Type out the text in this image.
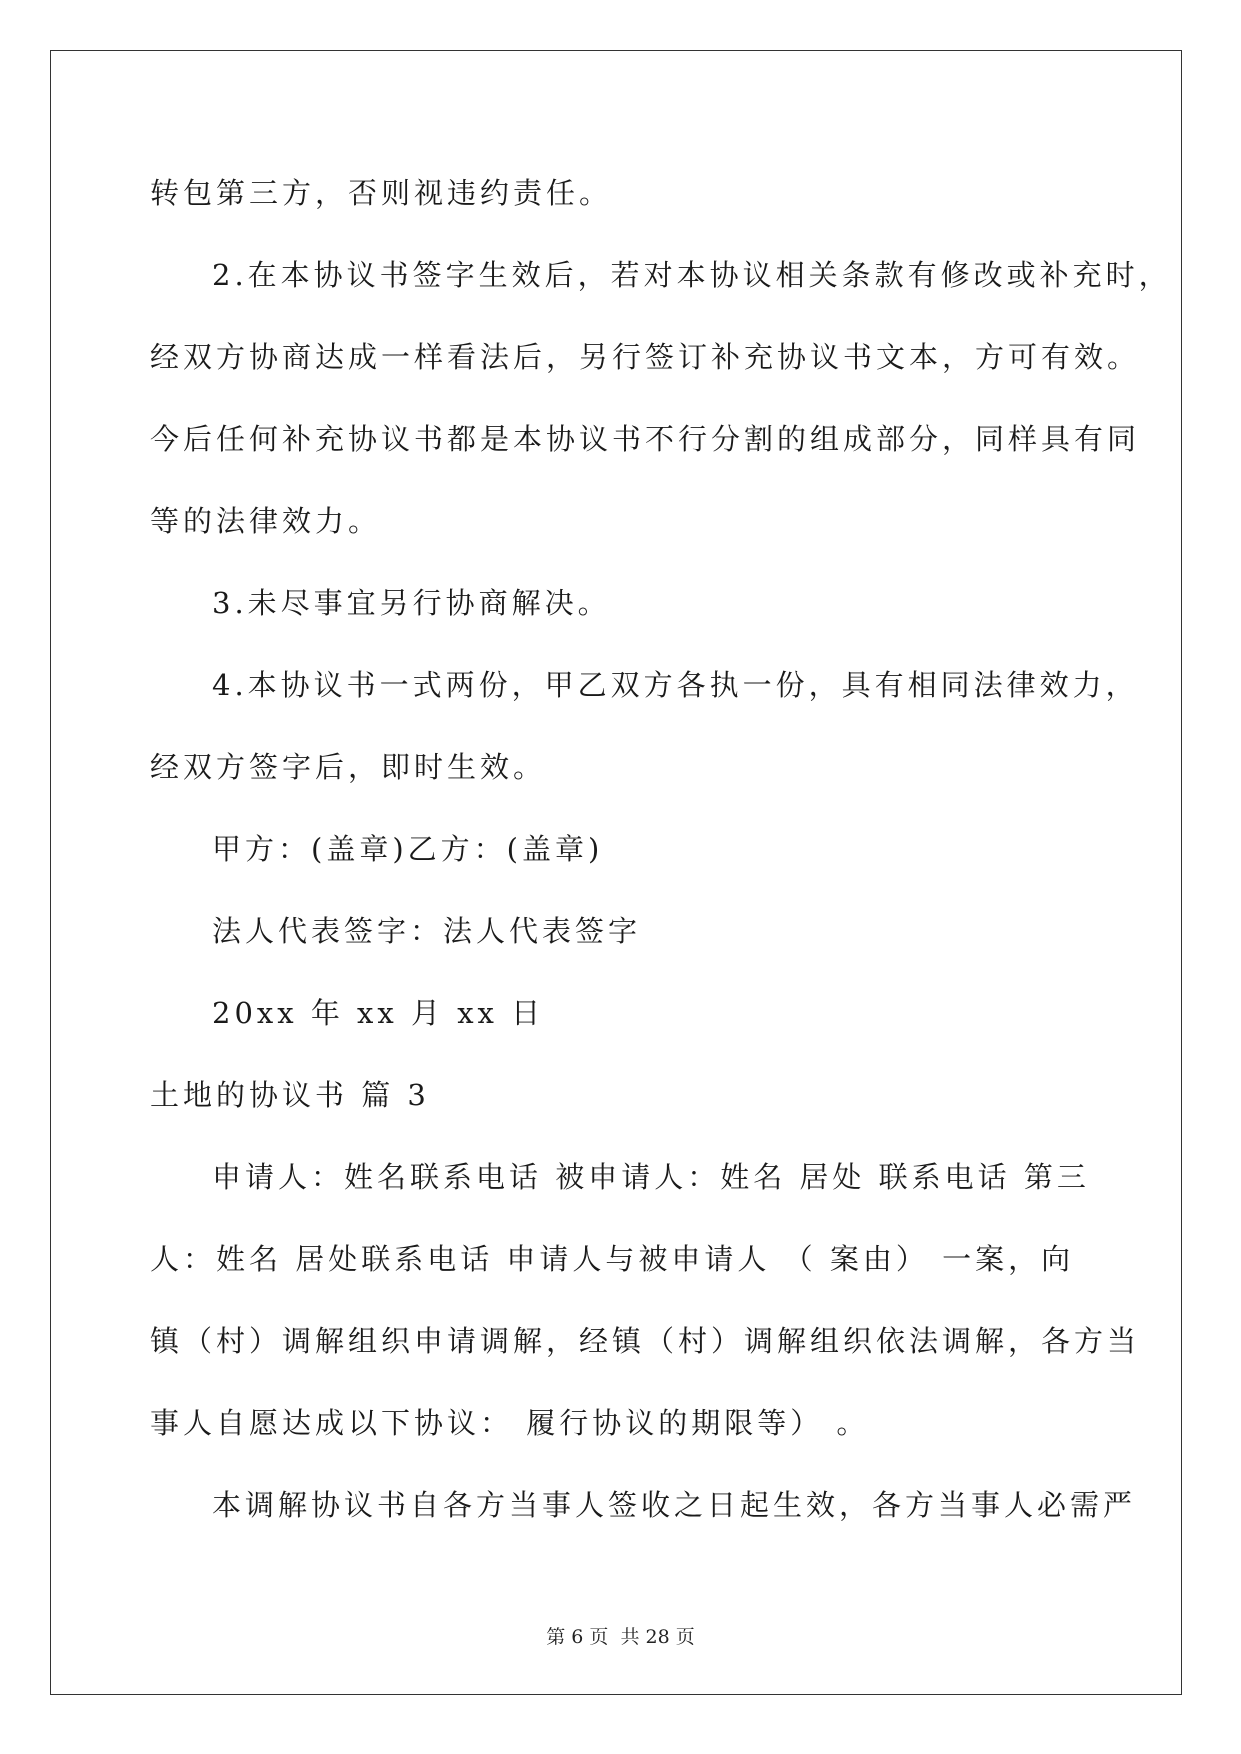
转包第三方，否则视违约责任。
2.在本协议书签字生效后，若对本协议相关条款有修改或补充时，
经双方协商达成一样看法后，另行签订补充协议书文本，方可有效。
今后任何补充协议书都是本协议书不行分割的组成部分，同样具有同
等的法律效力。
3.未尽事宜另行协商解决。
4.本协议书一式两份，甲乙双方各执一份，具有相同法律效力，
经双方签字后，即时生效。
甲方：(盖章)乙方：(盖章)
法人代表签字：法人代表签字
20xx 年 xx 月 xx 日
土地的协议书 篇 3
申请人：姓名联系电话 被申请人：姓名 居处 联系电话 第三
人：姓名 居处联系电话 申请人与被申请人 （ 案由） 一案，向
镇（村）调解组织申请调解，经镇（村）调解组织依法调解，各方当
事人自愿达成以下协议： 履行协议的期限等） 。
本调解协议书自各方当事人签收之日起生效，各方当事人必需严
第 6 页  共 28 页
